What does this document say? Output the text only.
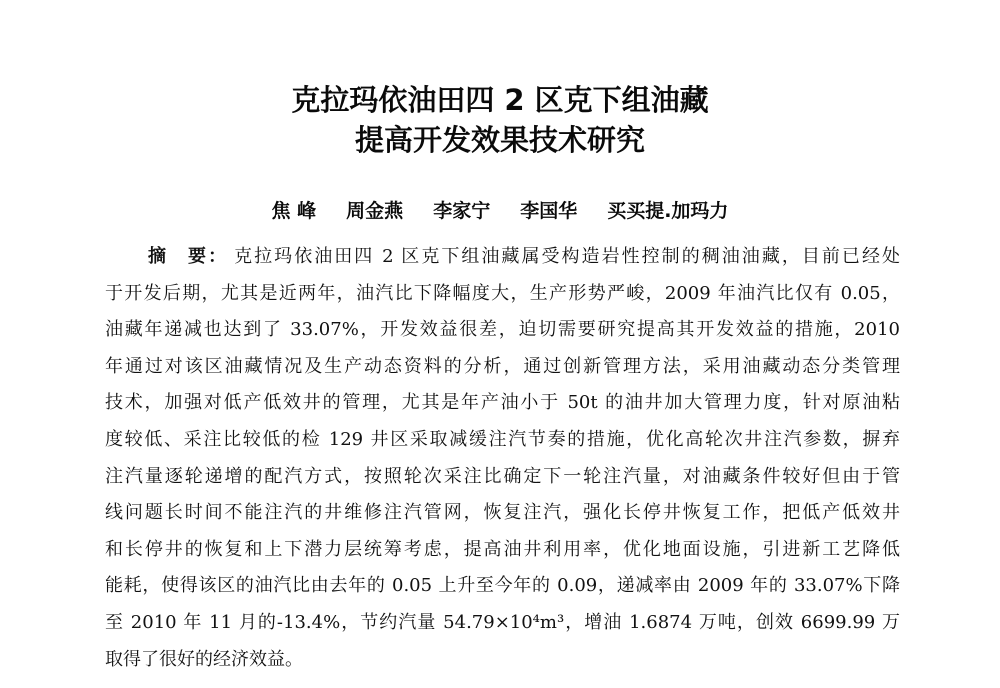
克拉玛依油田四 2 区克下组油藏
提高开发效果技术研究
焦 峰 周金燕 李家宁 李国华 买买提.加玛力
摘　要： 克拉玛依油田四 2 区克下组油藏属受构造岩性控制的稠油油藏，目前已经处
于开发后期，尤其是近两年，油汽比下降幅度大，生产形势严峻，2009 年油汽比仅有 0.05，
油藏年递减也达到了 33.07%，开发效益很差，迫切需要研究提高其开发效益的措施，2010
年通过对该区油藏情况及生产动态资料的分析，通过创新管理方法，采用油藏动态分类管理
技术，加强对低产低效井的管理，尤其是年产油小于 50t 的油井加大管理力度，针对原油粘
度较低、采注比较低的检 129 井区采取减缓注汽节奏的措施，优化高轮次井注汽参数，摒弃
注汽量逐轮递增的配汽方式，按照轮次采注比确定下一轮注汽量，对油藏条件较好但由于管
线问题长时间不能注汽的井维修注汽管网，恢复注汽，强化长停井恢复工作，把低产低效井
和长停井的恢复和上下潜力层统筹考虑，提高油井利用率，优化地面设施，引进新工艺降低
能耗，使得该区的油汽比由去年的 0.05 上升至今年的 0.09，递减率由 2009 年的 33.07%下降
至 2010 年 11 月的-13.4%，节约汽量 54.79×10⁴m³，增油 1.6874 万吨，创效 6699.99 万
取得了很好的经济效益。
